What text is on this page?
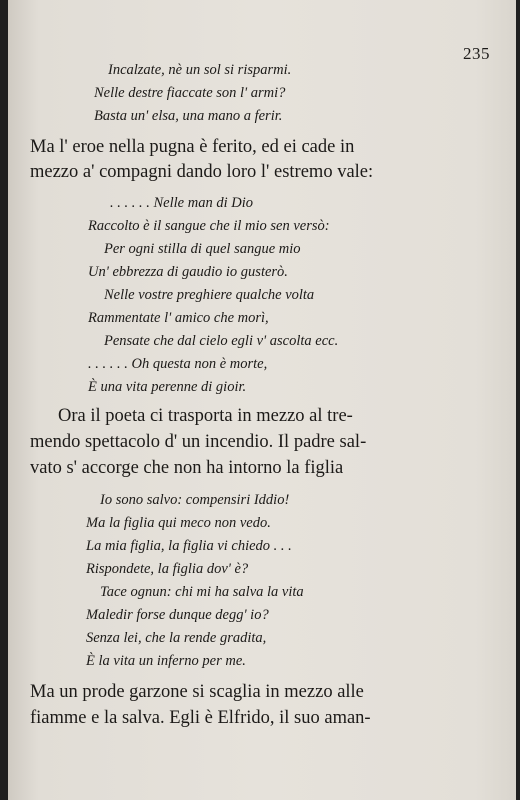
235
Incalzate, nè un sol si risparmi.
Nelle destre fiaccate son l' armi?
Basta un' elsa, una mano a ferir.
Ma l' eroe nella pugna è ferito, ed ei cade in
mezzo a' compagni dando loro l' estremo vale:
. . . . . . Nelle man di Dio
Raccolto è il sangue che il mio sen versò:
Per ogni stilla di quel sangue mio
Un' ebbrezza di gaudio io gusterò.
Nelle vostre preghiere qualche volta
Rammentate l' amico che morì,
Pensate che dal cielo egli v' ascolta ecc.
. . . . . . Oh questa non è morte,
È una vita perenne di gioir.
Ora il poeta ci trasporta in mezzo al tre-
mendo spettacolo d' un incendio. Il padre sal-
vato s' accorge che non ha intorno la figlia
Io sono salvo: compensiri Iddio!
Ma la figlia qui meco non vedo.
La mia figlia, la figlia vi chiedo . . .
Rispondete, la figlia dov' è?
Tace ognun: chi mi ha salva la vita
Maledir forse dunque degg' io?
Senza lei, che la rende gradita,
È la vita un inferno per me.
Ma un prode garzone si scaglia in mezzo alle
fiamme e la salva. Egli è Elfrido, il suo aman-
